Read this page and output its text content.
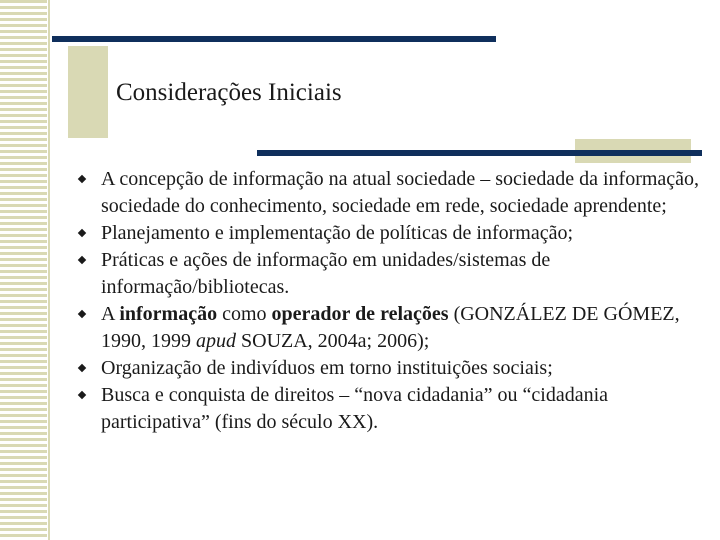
Considerações Iniciais
A concepção de informação na atual sociedade – sociedade da informação, sociedade do conhecimento, sociedade em rede, sociedade aprendente;
Planejamento e implementação de políticas de informação;
Práticas e ações de informação em unidades/sistemas de informação/bibliotecas.
A informação como operador de relações (GONZÁLEZ DE GÓMEZ, 1990, 1999 apud SOUZA, 2004a; 2006);
Organização de indivíduos em torno instituições sociais;
Busca e conquista de direitos – “nova cidadania” ou “cidadania participativa” (fins do século XX).
